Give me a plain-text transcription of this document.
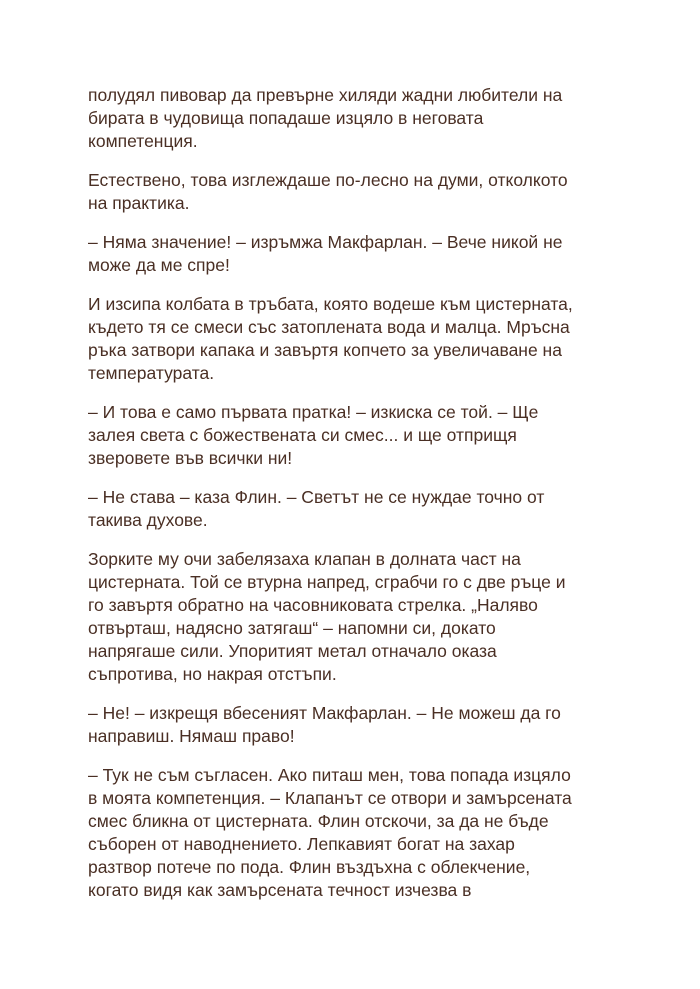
полудял пивовар да превърне хиляди жадни любители на
бирата в чудовища попадаше изцяло в неговата
компетенция.

Естествено, това изглеждаше по-лесно на думи, отколкото
на практика.

– Няма значение! – изръмжа Макфарлан. – Вече никой не
може да ме спре!

И изсипа колбата в тръбата, която водеше към цистерната,
където тя се смеси със затоплената вода и малца. Мръсна
ръка затвори капака и завъртя копчето за увеличаване на
температурата.

– И това е само първата пратка! – изкиска се той. – Ще
залея света с божествената си смес... и ще отприщя
зверовете във всички ни!

– Не става – каза Флин. – Светът не се нуждае точно от
такива духове.

Зорките му очи забелязаха клапан в долната част на
цистерната. Той се втурна напред, сграбчи го с две ръце и
го завъртя обратно на часовниковата стрелка. „Наляво
отвърташ, надясно затягаш“ – напомни си, докато
напрягаше сили. Упоритият метал отначало оказа
съпротива, но накрая отстъпи.

– Не! – изкрещя вбесеният Макфарлан. – Не можеш да го
направиш. Нямаш право!

– Тук не съм съгласен. Ако питаш мен, това попада изцяло
в моята компетенция. – Клапанът се отвори и замърсената
смес бликна от цистерната. Флин отскочи, за да не бъде
съборен от наводнението. Лепкавият богат на захар
разтвор потече по пода. Флин въздъхна с облекчение,
когато видя как замърсената течност изчезва в
